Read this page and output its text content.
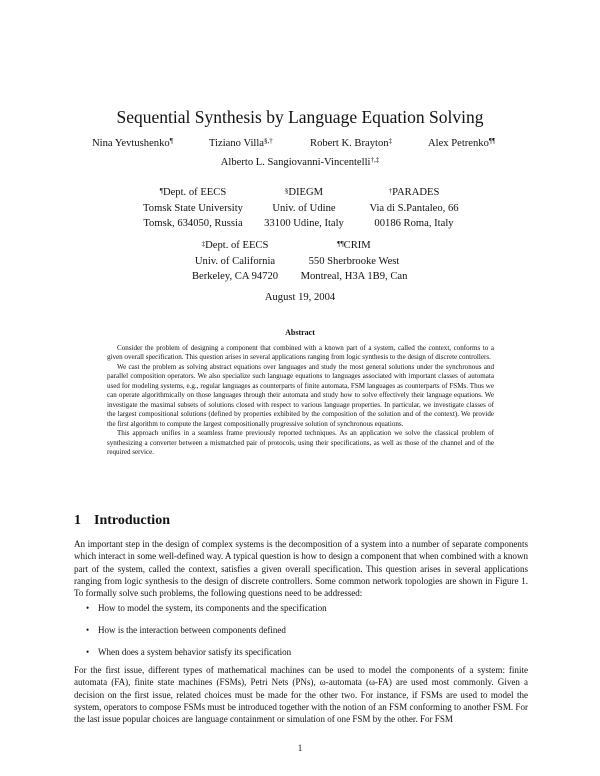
Sequential Synthesis by Language Equation Solving
Nina Yevtushenko¶	Tiziano Villa§,†	Robert K. Brayton‡	Alex Petrenko¶¶
Alberto L. Sangiovanni-Vincentelli†,‡
¶Dept. of EECS
Tomsk State University
Tomsk, 634050, Russia
§DIEGM
Univ. of Udine
33100 Udine, Italy
†PARADES
Via di S.Pantaleo, 66
00186 Roma, Italy
‡Dept. of EECS
Univ. of California
Berkeley, CA 94720
¶¶CRIM
550 Sherbrooke West
Montreal, H3A 1B9, Can
August 19, 2004
Abstract

Consider the problem of designing a component that combined with a known part of a system, called the context, conforms to a given overall specification. This question arises in several applications ranging from logic synthesis to the design of discrete controllers.

We cast the problem as solving abstract equations over languages and study the most general solutions under the synchronous and parallel composition operators. We also specialize such language equations to languages associated with important classes of automata used for modeling systems, e.g., regular languages as counterparts of finite automata, FSM languages as counterparts of FSMs. Thus we can operate algorithmically on those languages through their automata and study how to solve effectively their language equations. We investigate the maximal subsets of solutions closed with respect to various language properties. In particular, we investigate classes of the largest compositional solutions (defined by properties exhibited by the composition of the solution and of the context). We provide the first algorithm to compute the largest compositionally progressive solution of synchronous equations.

This approach unifies in a seamless frame previously reported techniques. As an application we solve the classical problem of synthesizing a converter between a mismatched pair of protocols, using their specifications, as well as those of the channel and of the required service.

1 Introduction

An important step in the design of complex systems is the decomposition of a system into a number of separate components which interact in some well-defined way. A typical question is how to design a component that when combined with a known part of the system, called the context, satisfies a given overall specification. This question arises in several applications ranging from logic synthesis to the design of discrete controllers. Some common network topologies are shown in Figure 1. To formally solve such problems, the following questions need to be addressed:

• How to model the system, its components and the specification
• How is the interaction between components defined
• When does a system behavior satisfy its specification

For the first issue, different types of mathematical machines can be used to model the components of a system: finite automata (FA), finite state machines (FSMs), Petri Nets (PNs), ω-automata (ω-FA) are used most commonly. Given a decision on the first issue, related choices must be made for the other two. For instance, if FSMs are used to model the system, operators to compose FSMs must be introduced together with the notion of an FSM conforming to another FSM. For the last issue popular choices are language containment or simulation of one FSM by the other. For FSM

1
